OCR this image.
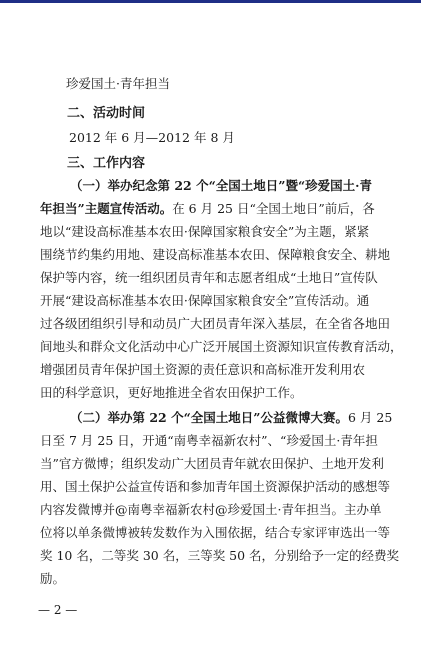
珍爱国土·青年担当
二、活动时间
2012 年 6 月—2012 年 8 月
三、工作内容
（一）举办纪念第 22 个“全国土地日”暨“珍爱国土·青
年担当”主题宣传活动。在 6 月 25 日“全国土地日”前后，各
地以“建设高标准基本农田·保障国家粮食安全”为主题，紧紧
围绕节约集约用地、建设高标准基本农田、保障粮食安全、耕地
保护等内容，统一组织团员青年和志愿者组成“土地日”宣传队
开展“建设高标准基本农田·保障国家粮食安全”宣传活动。通
过各级团组织引导和动员广大团员青年深入基层，在全省各地田
间地头和群众文化活动中心广泛开展国土资源知识宣传教育活动，
增强团员青年保护国土资源的责任意识和高标准开发利用农
田的科学意识，更好地推进全省农田保护工作。
（二）举办第 22 个“全国土地日”公益微博大赛。6 月 25
日至 7 月 25 日，开通“南粤幸福新农村”、“珍爱国土·青年担
当”官方微博；组织发动广大团员青年就农田保护、土地开发利
用、国土保护公益宣传语和参加青年国土资源保护活动的感想等
内容发微博并@南粤幸福新农村@珍爱国土·青年担当。主办单
位将以单条微博被转发数作为入围依据，结合专家评审选出一等
奖 10 名，二等奖 30 名，三等奖 50 名，分别给予一定的经费奖
励。
— 2 —
